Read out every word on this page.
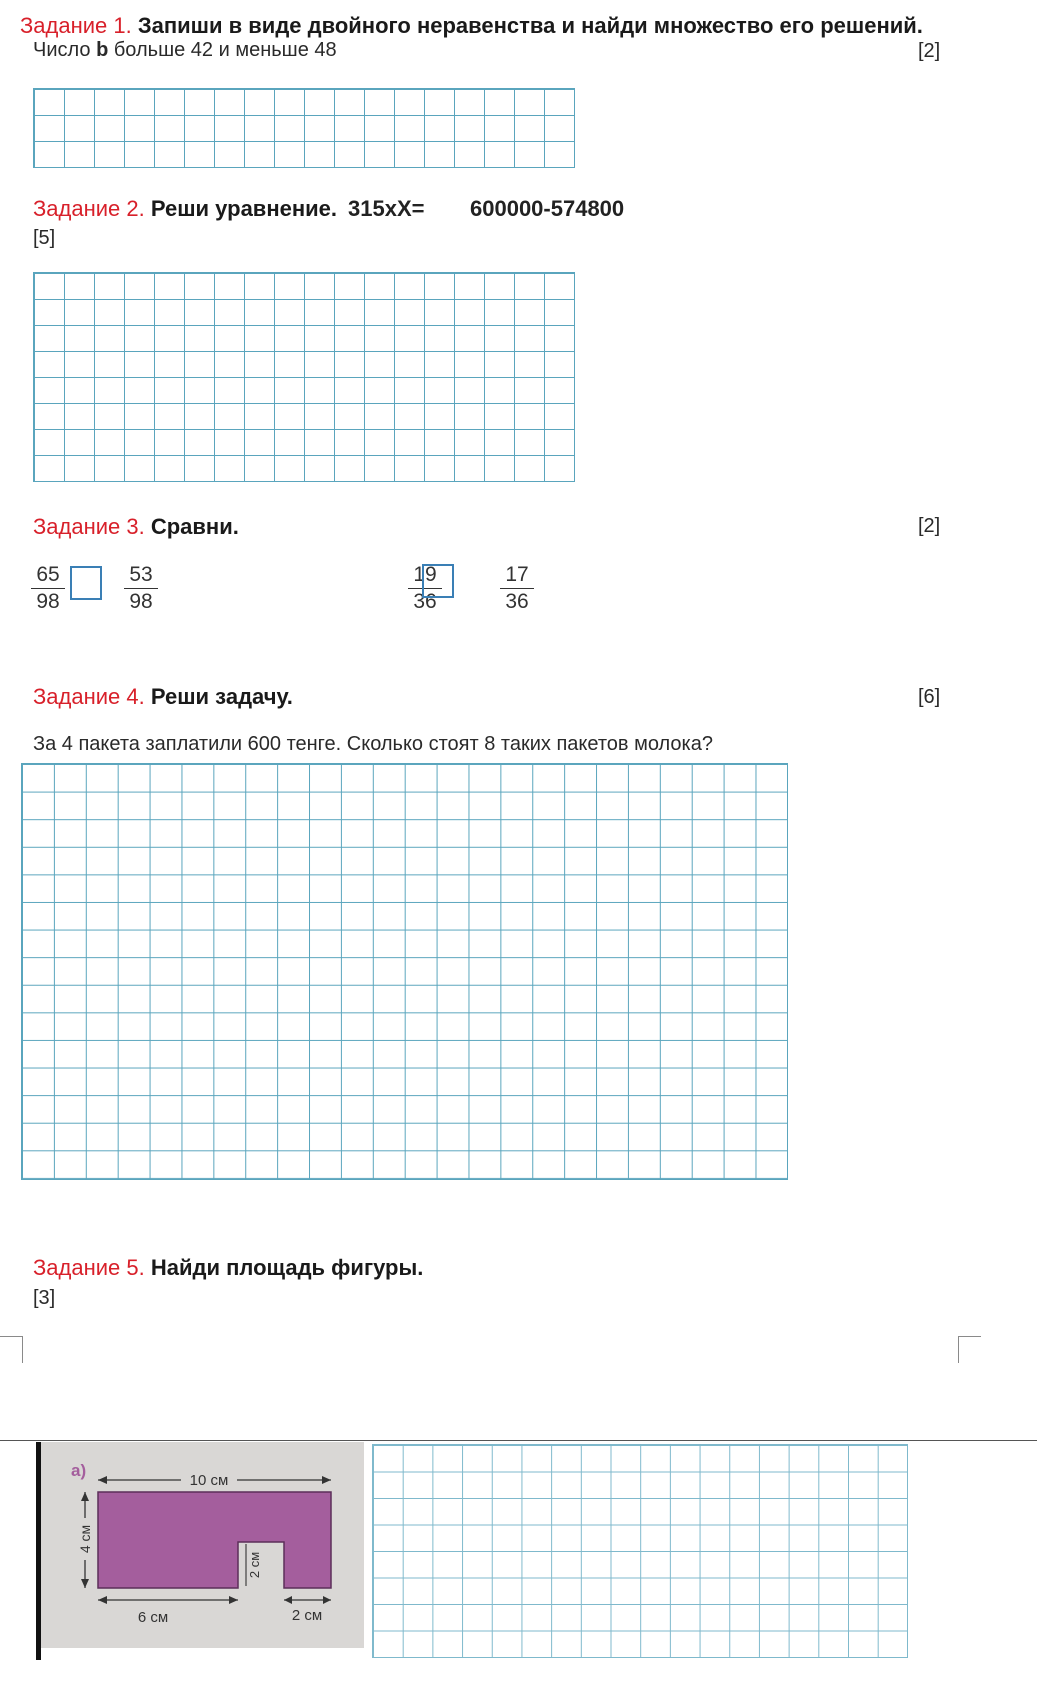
Задание 1. Запиши в виде двойного неравенства и найди множество его решений.
Число b больше 42 и меньше 48	[2]
Задание 2. Реши уравнение. 315хХ= 600000-574800
[5]
Задание 3. Сравни.	[2]
$\frac{65}{98}$	$\frac{53}{98}$	$\frac{19}{36}$	$\frac{17}{36}$
Задание 4. Реши задачу.	[6]
За 4 пакета заплатили 600 тенге. Сколько стоят 8 таких пакетов молока?
Задание 5. Найди площадь фигуры.
[3]
10 см
4 см
2 см
6 см	2 см
а)
